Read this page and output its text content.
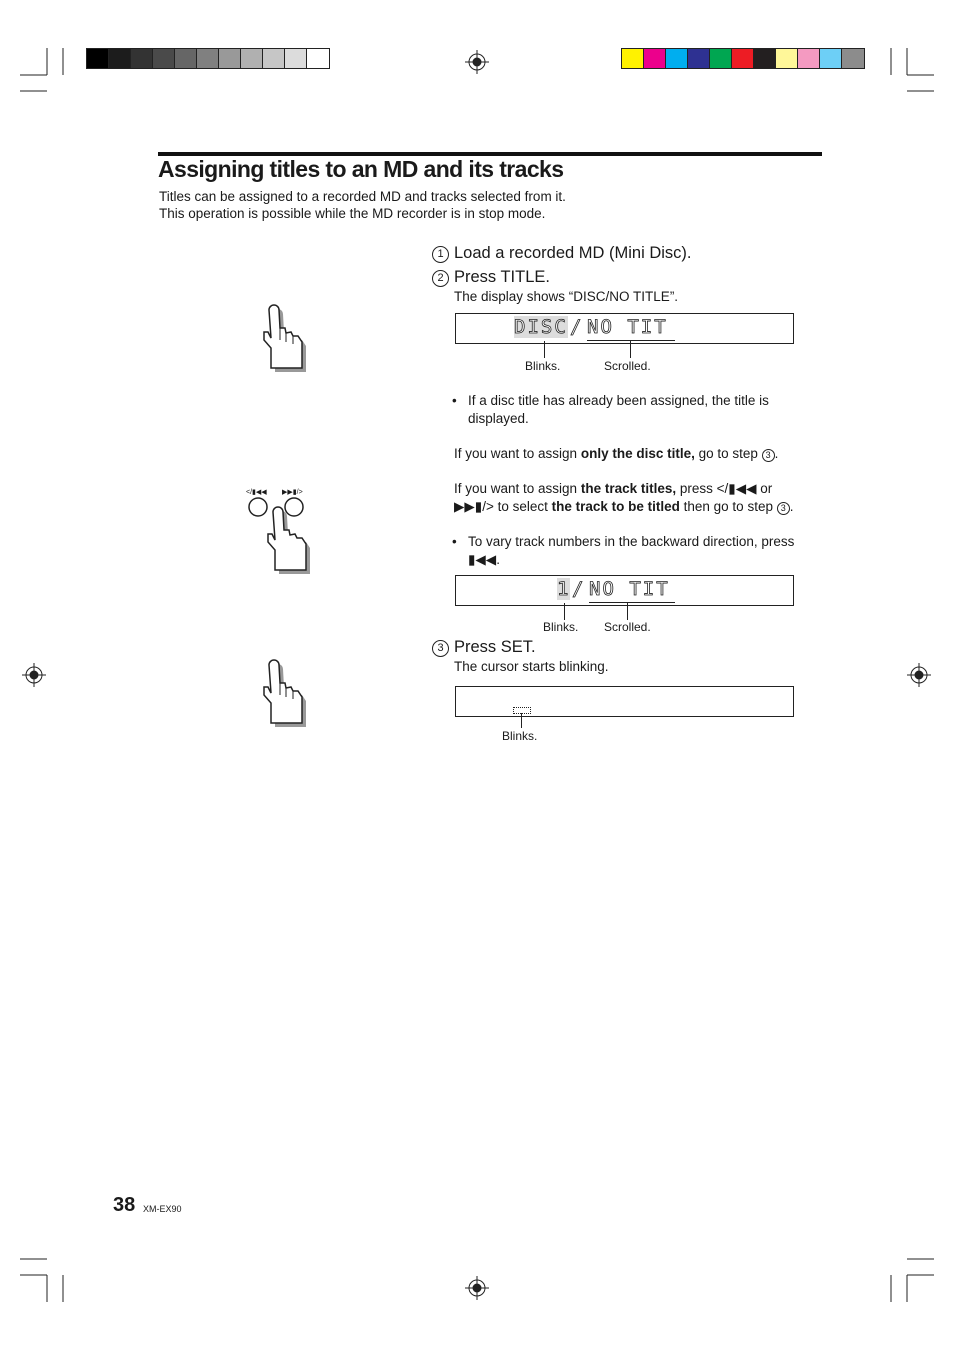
Assigning titles to an MD and its tracks
Titles can be assigned to a recorded MD and tracks selected from it.
This operation is possible while the MD recorder is in stop mode.
</▮◀◀ ▶▶▮/>
1 Load a recorded MD (Mini Disc).
2 Press TITLE.
The display shows “DISC/NO TITLE”.
DISC / NO TIT
Blinks.	Scrolled.
• If a disc title has already been assigned, the title is displayed.
If you want to assign only the disc title, go to step 3 .
If you want to assign the track titles, press </▮◀◀ or ▶▶▮/> to select the track to be titled then go to step 3 .
• To vary track numbers in the backward direction, press ▮◀◀.
1 / NO TIT
Blinks. Scrolled.
3 Press SET.
The cursor starts blinking.
Blinks.
38 XM-EX90
